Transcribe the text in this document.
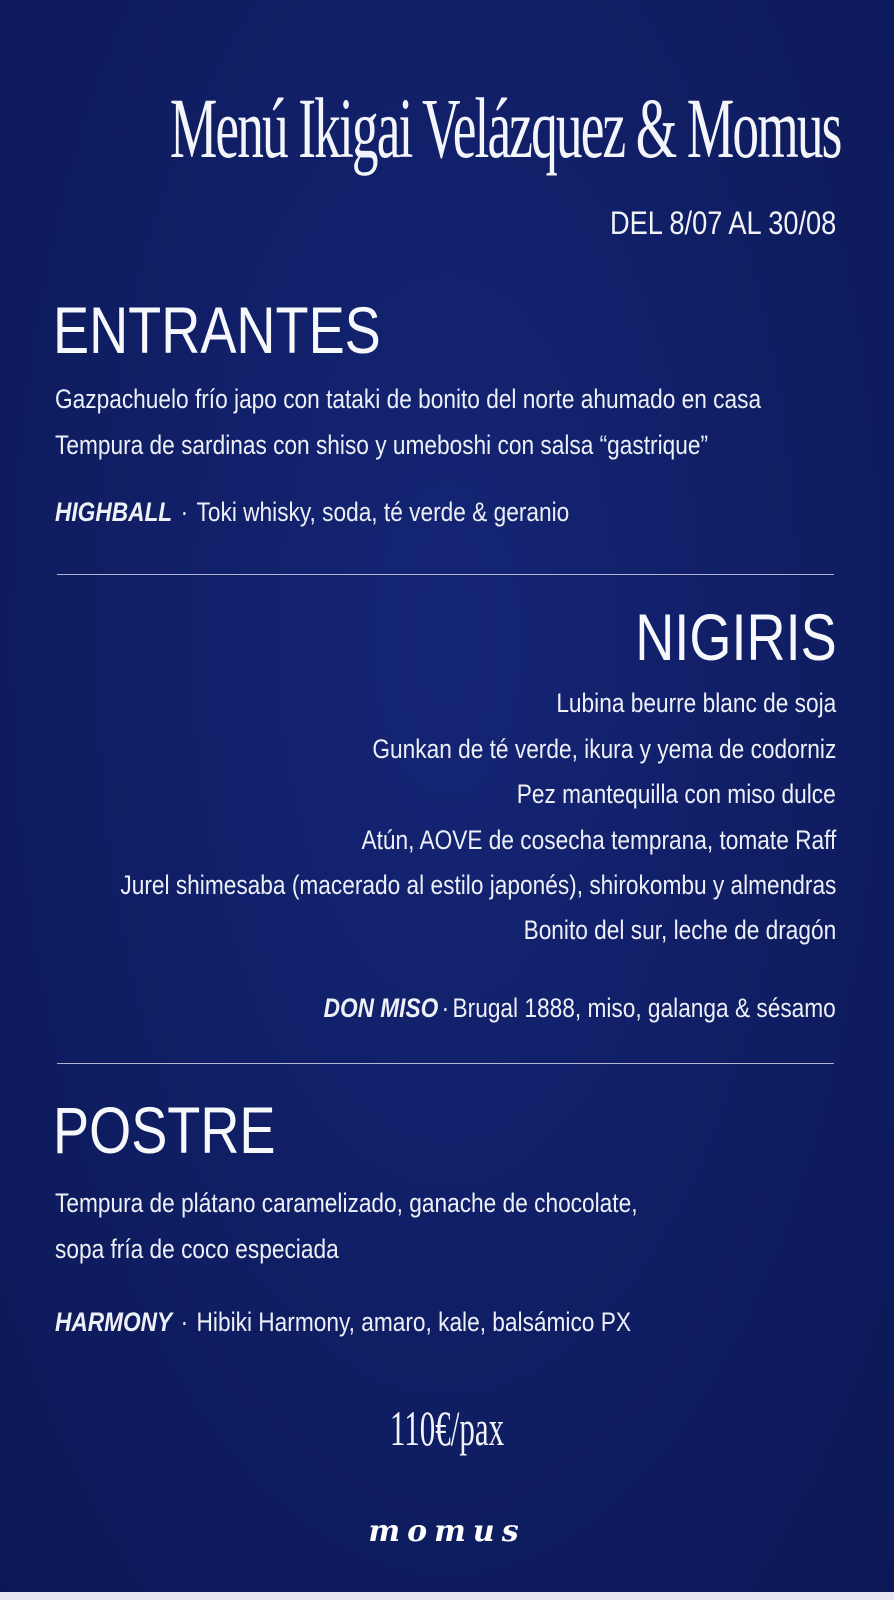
Menú Ikigai Velázquez & Momus
DEL 8/07 AL 30/08
ENTRANTES
Gazpachuelo frío japo con tataki de bonito del norte ahumado en casa
Tempura de sardinas con shiso y umeboshi con salsa “gastrique”
HIGHBALL · Toki whisky, soda, té verde & geranio
NIGIRIS
Lubina beurre blanc de soja
Gunkan de té verde, ikura y yema de codorniz
Pez mantequilla con miso dulce
Atún, AOVE de cosecha temprana, tomate Raff
Jurel shimesaba (macerado al estilo japonés), shirokombu y almendras
Bonito del sur, leche de dragón
DON MISO · Brugal 1888, miso, galanga & sésamo
POSTRE
Tempura de plátano caramelizado, ganache de chocolate,
sopa fría de coco especiada
HARMONY · Hibiki Harmony, amaro, kale, balsámico PX
110€/pax
momus
